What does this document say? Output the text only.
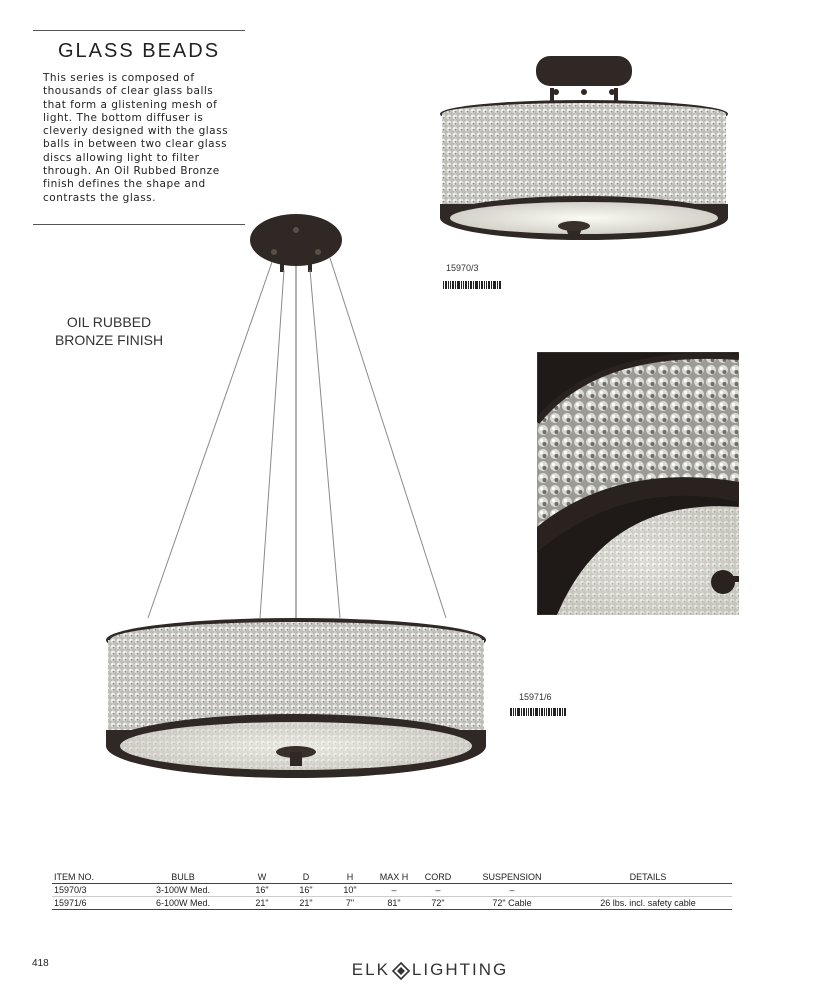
GLASS BEADS
This series is composed of
thousands of clear glass balls
that form a glistening mesh of
light. The bottom diffuser is
cleverly designed with the glass
balls in between two clear glass
discs allowing light to filter
through. An Oil Rubbed Bronze
finish defines the shape and
contrasts the glass.
OIL RUBBED
BRONZE FINISH
15970/3
15971/6
ITEM NO.	BULB	W	D	H	MAX H	CORD	SUSPENSION	DETAILS
15970/3	3-100W Med.	16"	16"	10"	–	–	–	
15971/6	6-100W Med.	21"	21"	7"	81"	72"	72" Cable	26 lbs. incl. safety cable
418	ELK LIGHTING
